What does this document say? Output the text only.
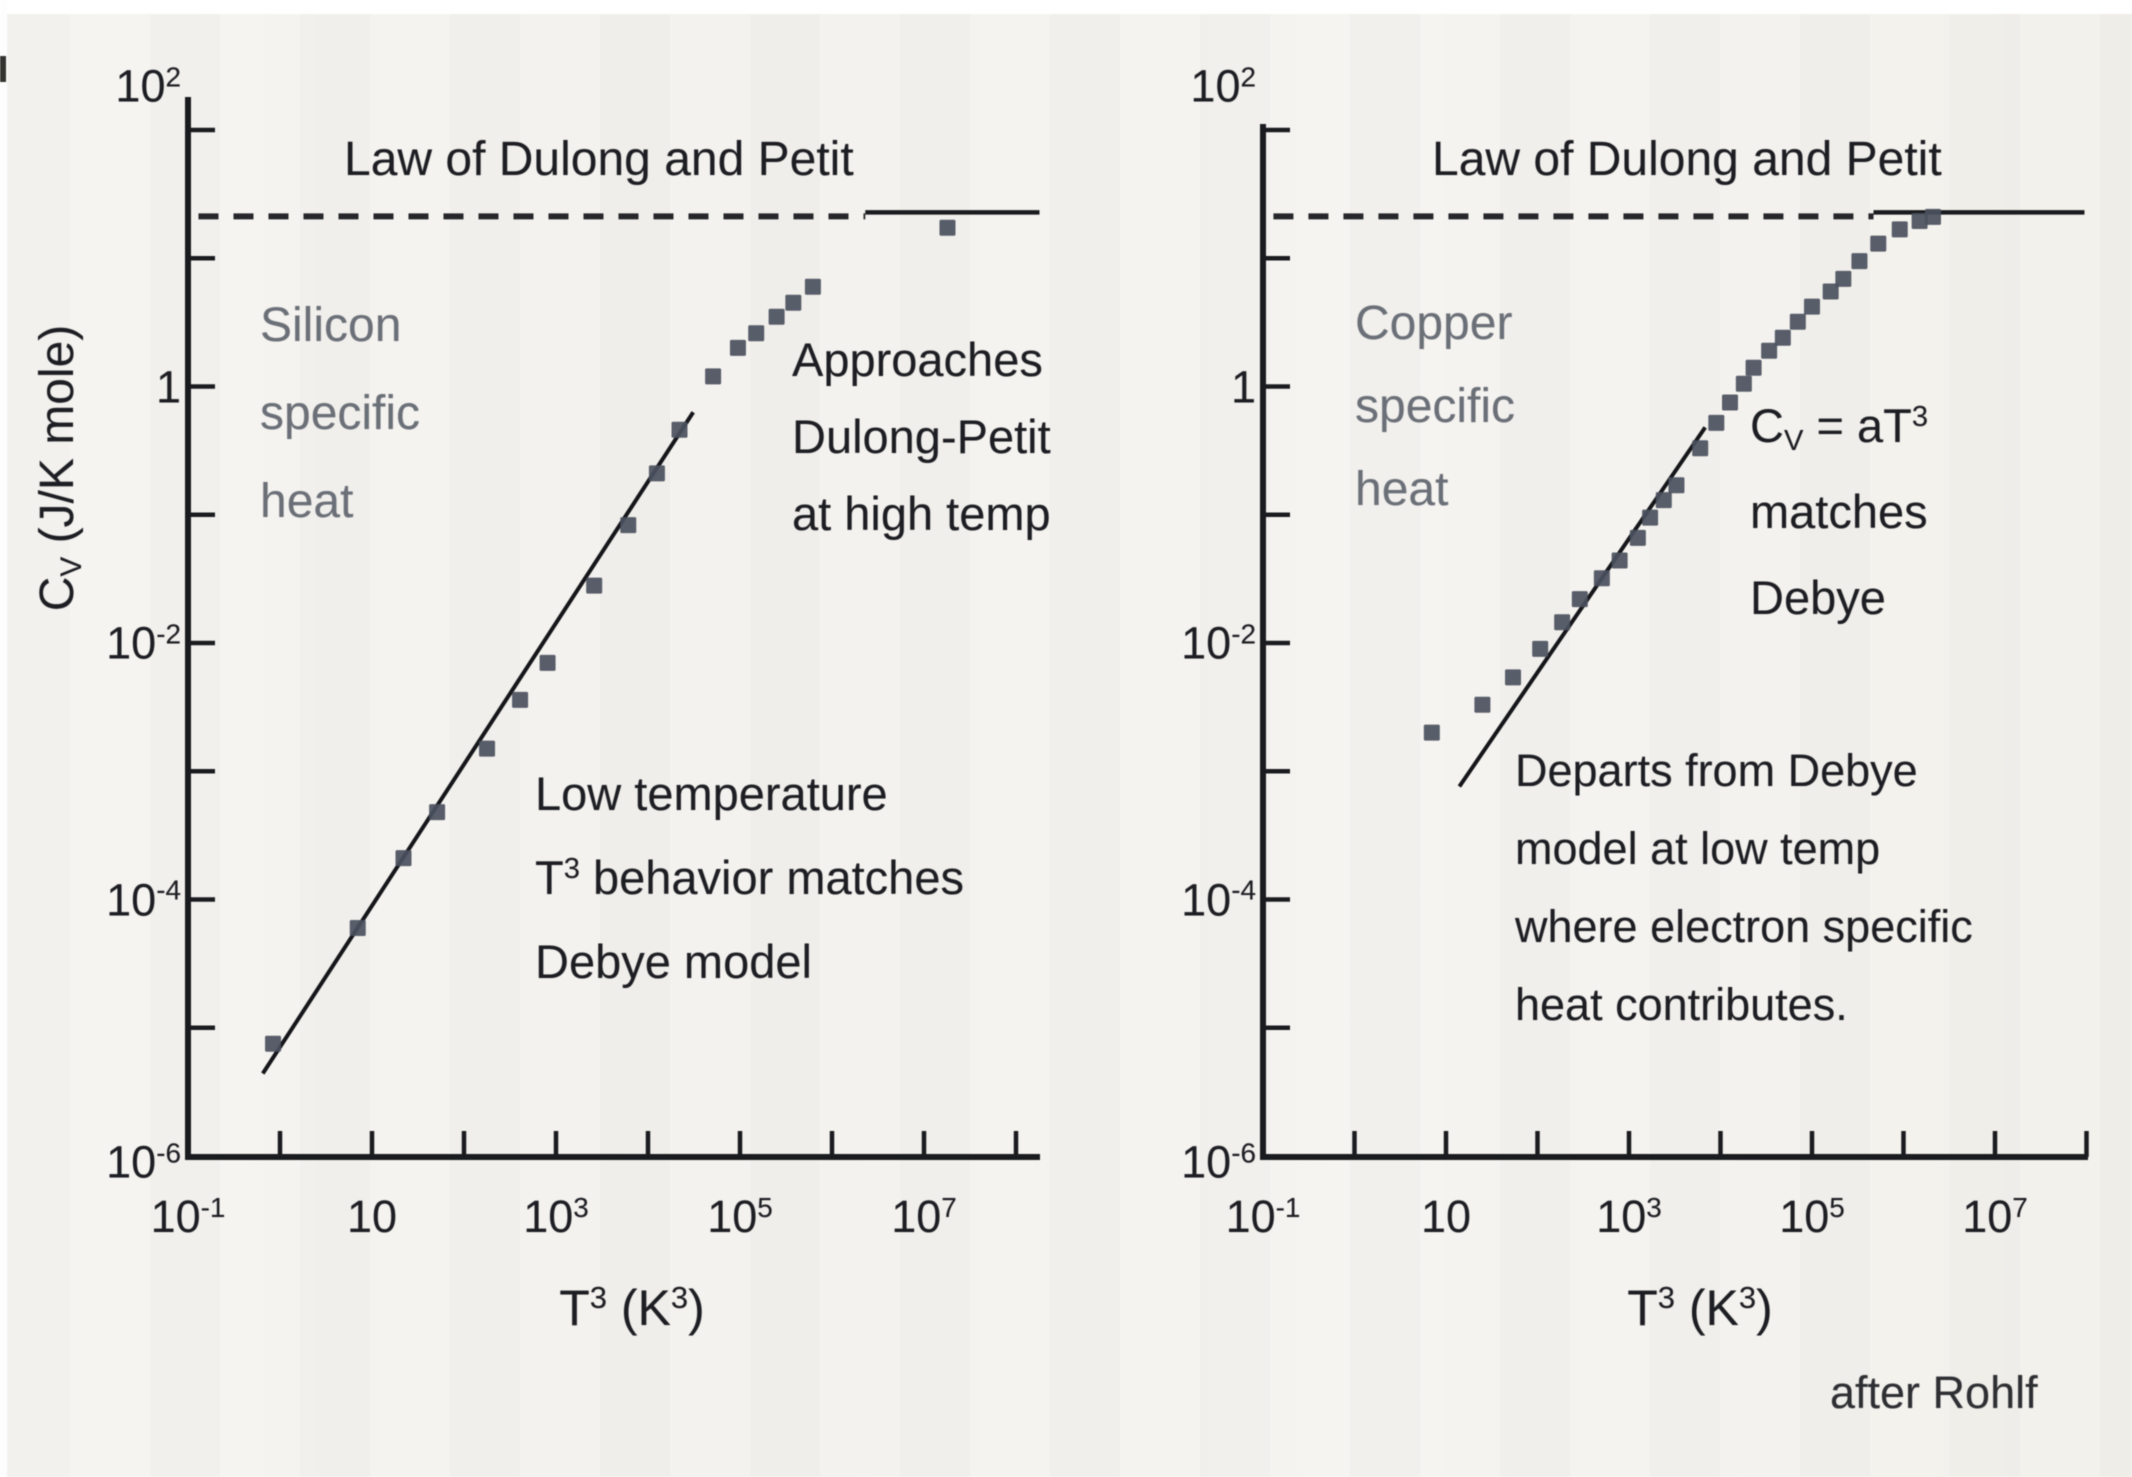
Law of Dulong and Petit
$10^{-1}$	10	$10^3$	$10^5$	$10^7$
$10^2$
1
$10^{-2}$
$10^{-4}$
$10^{-6}$
$T^3$ $(K^3)$
$C_V$ (J/K mole)	Silicon
specific
heat
Approaches
Dulong-Petit
at high temp
Low temperature
$T^3$ behavior matches
Debye model
Law of Dulong and Petit
$10^{-1}$	10	$10^3$	$10^5$	$10^7$
$10^2$
1
$10^{-2}$
$10^{-4}$
$10^{-6}$
$T^3$ $(K^3)$
Copper
specific
heat
$C_V = aT^3$
matches
Debye
Departs from Debye
model at low temp
where electron specific
heat contributes.
after Rohlf
